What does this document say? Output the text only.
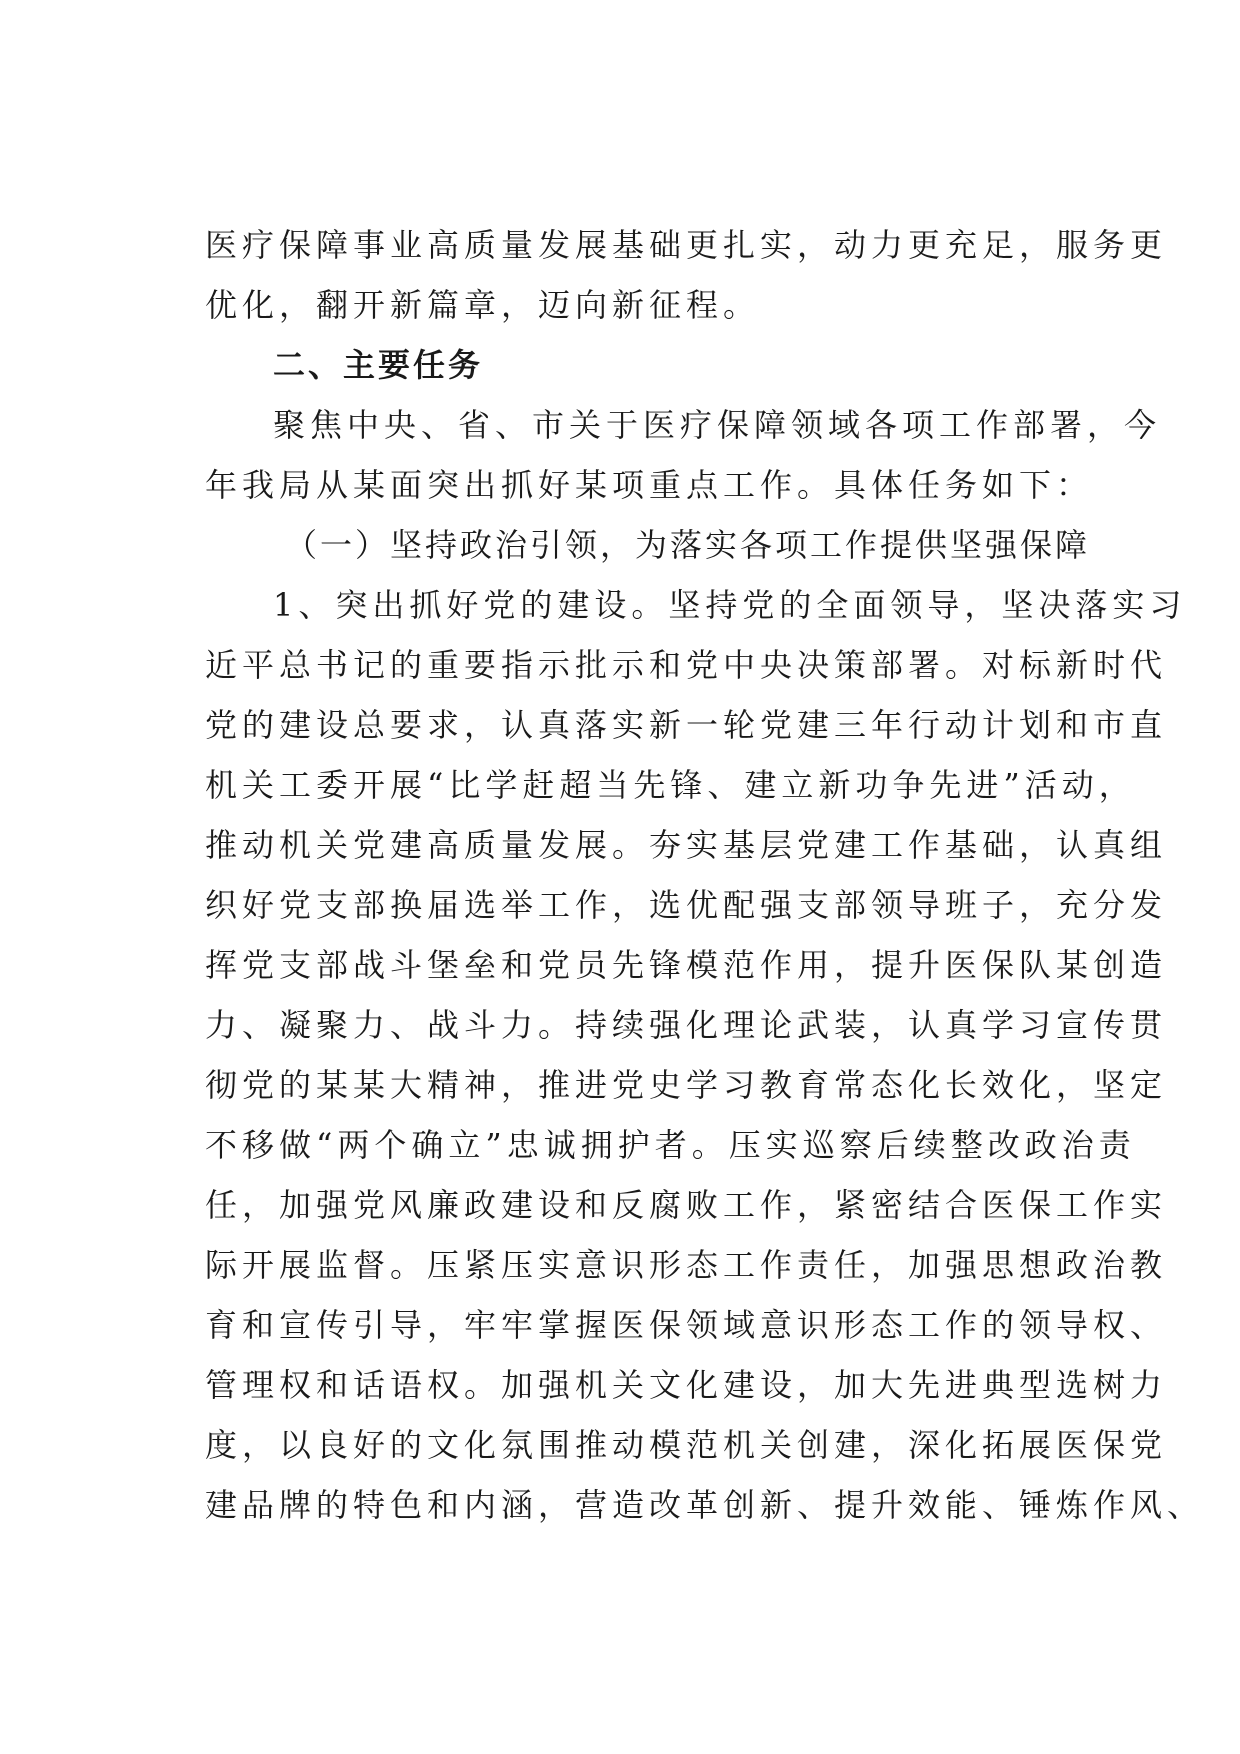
医疗保障事业高质量发展基础更扎实，动力更充足，服务更
优化，翻开新篇章，迈向新征程。
二、主要任务
聚焦中央、省、市关于医疗保障领域各项工作部署，今
年我局从某面突出抓好某项重点工作。具体任务如下：
（一）坚持政治引领，为落实各项工作提供坚强保障
1、突出抓好党的建设。坚持党的全面领导，坚决落实习
近平总书记的重要指示批示和党中央决策部署。对标新时代
党的建设总要求，认真落实新一轮党建三年行动计划和市直
机关工委开展“比学赶超当先锋、建立新功争先进”活动，
推动机关党建高质量发展。夯实基层党建工作基础，认真组
织好党支部换届选举工作，选优配强支部领导班子，充分发
挥党支部战斗堡垒和党员先锋模范作用，提升医保队某创造
力、凝聚力、战斗力。持续强化理论武装，认真学习宣传贯
彻党的某某大精神，推进党史学习教育常态化长效化，坚定
不移做“两个确立”忠诚拥护者。压实巡察后续整改政治责
任，加强党风廉政建设和反腐败工作，紧密结合医保工作实
际开展监督。压紧压实意识形态工作责任，加强思想政治教
育和宣传引导，牢牢掌握医保领域意识形态工作的领导权、
管理权和话语权。加强机关文化建设，加大先进典型选树力
度，以良好的文化氛围推动模范机关创建，深化拓展医保党
建品牌的特色和内涵，营造改革创新、提升效能、锤炼作风、
